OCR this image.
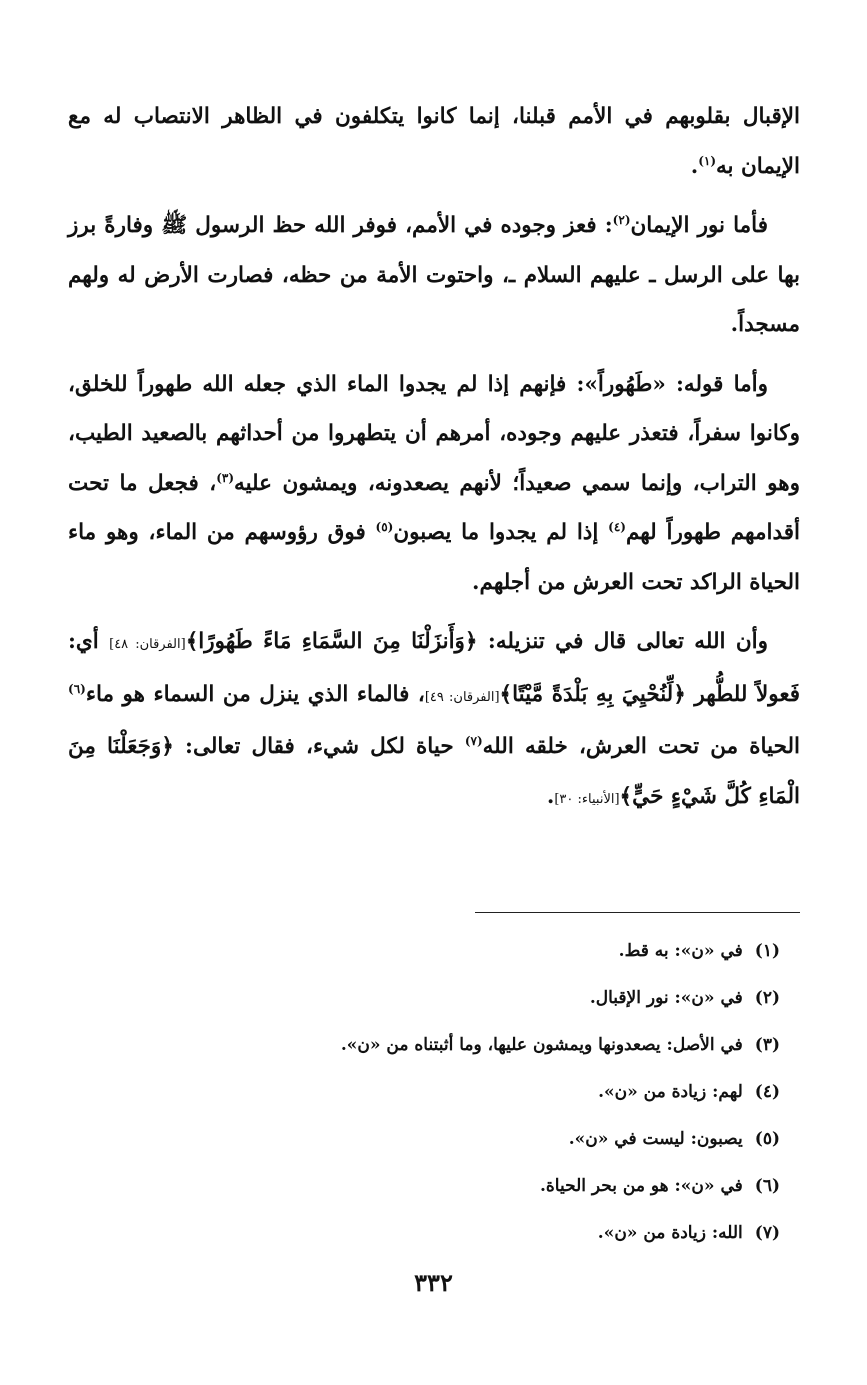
الإقبال بقلوبهم في الأمم قبلنا، إنما كانوا يتكلفون في الظاهر الانتصاب له مع الإيمان به$^{(١)}$.

فأما نور الإيمان$^{(٢)}$: فعز وجوده في الأمم، فوفر الله حظ الرسول ﷺ وفارةً برز بها على الرسل ـ عليهم السلام ـ، واحتوت الأمة من حظه، فصارت الأرض له ولهم مسجداً.

وأما قوله: «طَهُوراً»: فإنهم إذا لم يجدوا الماء الذي جعله الله طهوراً للخلق، وكانوا سفراً، فتعذر عليهم وجوده، أمرهم أن يتطهروا من أحداثهم بالصعيد الطيب، وهو التراب، وإنما سمي صعيداً؛ لأنهم يصعدونه، ويمشون عليه$^{(٣)}$، فجعل ما تحت أقدامهم طهوراً لهم$^{(٤)}$ إذا لم يجدوا ما يصبون$^{(٥)}$ فوق رؤوسهم من الماء، وهو ماء الحياة الراكد تحت العرش من أجلهم.

وأن الله تعالى قال في تنزيله: ﴿وَأَنزَلْنَا مِنَ السَّمَاءِ مَاءً طَهُورًا﴾[الفرقان: ٤٨] أي: فَعولاً للطُّهر ﴿لِّنُحْيِيَ بِهِ بَلْدَةً مَّيْتًا﴾[الفرقان: ٤٩]، فالماء الذي ينزل من السماء هو ماء$^{(٦)}$ الحياة من تحت العرش، خلقه الله$^{(٧)}$ حياة لكل شيء، فقال تعالى: ﴿وَجَعَلْنَا مِنَ الْمَاءِ كُلَّ شَيْءٍ حَيٍّ﴾[الأنبياء: ٣٠].

(١)في «ن»: به قط.
(٢)في «ن»: نور الإقبال.
(٣)في الأصل: يصعدونها ويمشون عليها، وما أثبتناه من «ن».
(٤)لهم: زيادة من «ن».
(٥)يصبون: ليست في «ن».
(٦)في «ن»: هو من بحر الحياة.
(٧)الله: زيادة من «ن».
٣٣٢
